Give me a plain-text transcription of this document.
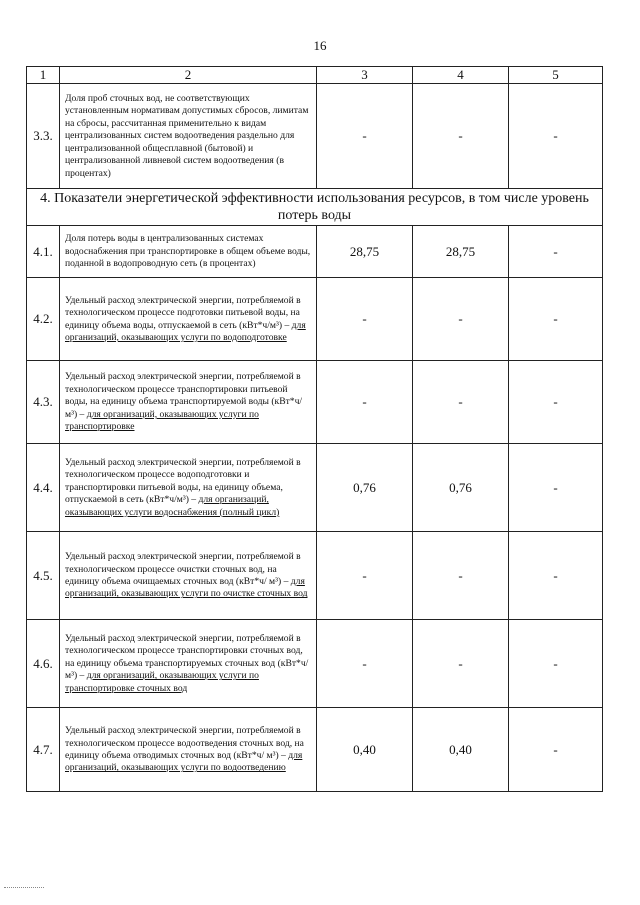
16
1	2	3	4	5
3.3.	Доля проб сточных вод, не соответствующих установленным нормативам допустимых сбросов, лимитам на сбросы, рассчитанная применительно к видам централизованных систем водоотведения раздельно для централизованной общесплавной (бытовой) и централизованной ливневой систем водоотведения (в процентах)	-	-	-
4. Показатели энергетической эффективности использования ресурсов, в том числе уровень потерь воды				
4.1.	Доля потерь воды в централизованных системах водоснабжения при транспортировке в общем объеме воды, поданной в водопроводную сеть (в процентах)	28,75	28,75	-
4.2.	Удельный расход электрической энергии, потребляемой в технологическом процессе подготовки питьевой воды, на единицу объема воды, отпускаемой в сеть (кВт*ч/м³) – для организаций, оказывающих услуги по водоподготовке	-	-	-
4.3.	Удельный расход электрической энергии, потребляемой в технологическом процессе транспортировки питьевой воды, на единицу объема транспортируемой воды (кВт*ч/м³) – для организаций, оказывающих услуги по транспортировке	-	-	-
4.4.	Удельный расход электрической энергии, потребляемой в технологическом процессе водоподготовки и транспортировки питьевой воды, на единицу объема, отпускаемой в сеть (кВт*ч/м³) – для организаций, оказывающих услуги водоснабжения (полный цикл)	0,76	0,76	-
4.5.	Удельный расход электрической энергии, потребляемой в технологическом процессе очистки сточных вод, на единицу объема очищаемых сточных вод (кВт*ч/ м³) – для организаций, оказывающих услуги по очистке сточных вод	-	-	-
4.6.	Удельный расход электрической энергии, потребляемой в технологическом процессе транспортировки сточных вод, на единицу объема транспортируемых сточных вод (кВт*ч/ м³) – для организаций, оказывающих услуги по транспортировке сточных вод	-	-	-
4.7.	Удельный расход электрической энергии, потребляемой в технологическом процессе водоотведения сточных вод, на единицу объема отводимых сточных вод (кВт*ч/ м³) – для организаций, оказывающих услуги по водоотведению	0,40	0,40	-
